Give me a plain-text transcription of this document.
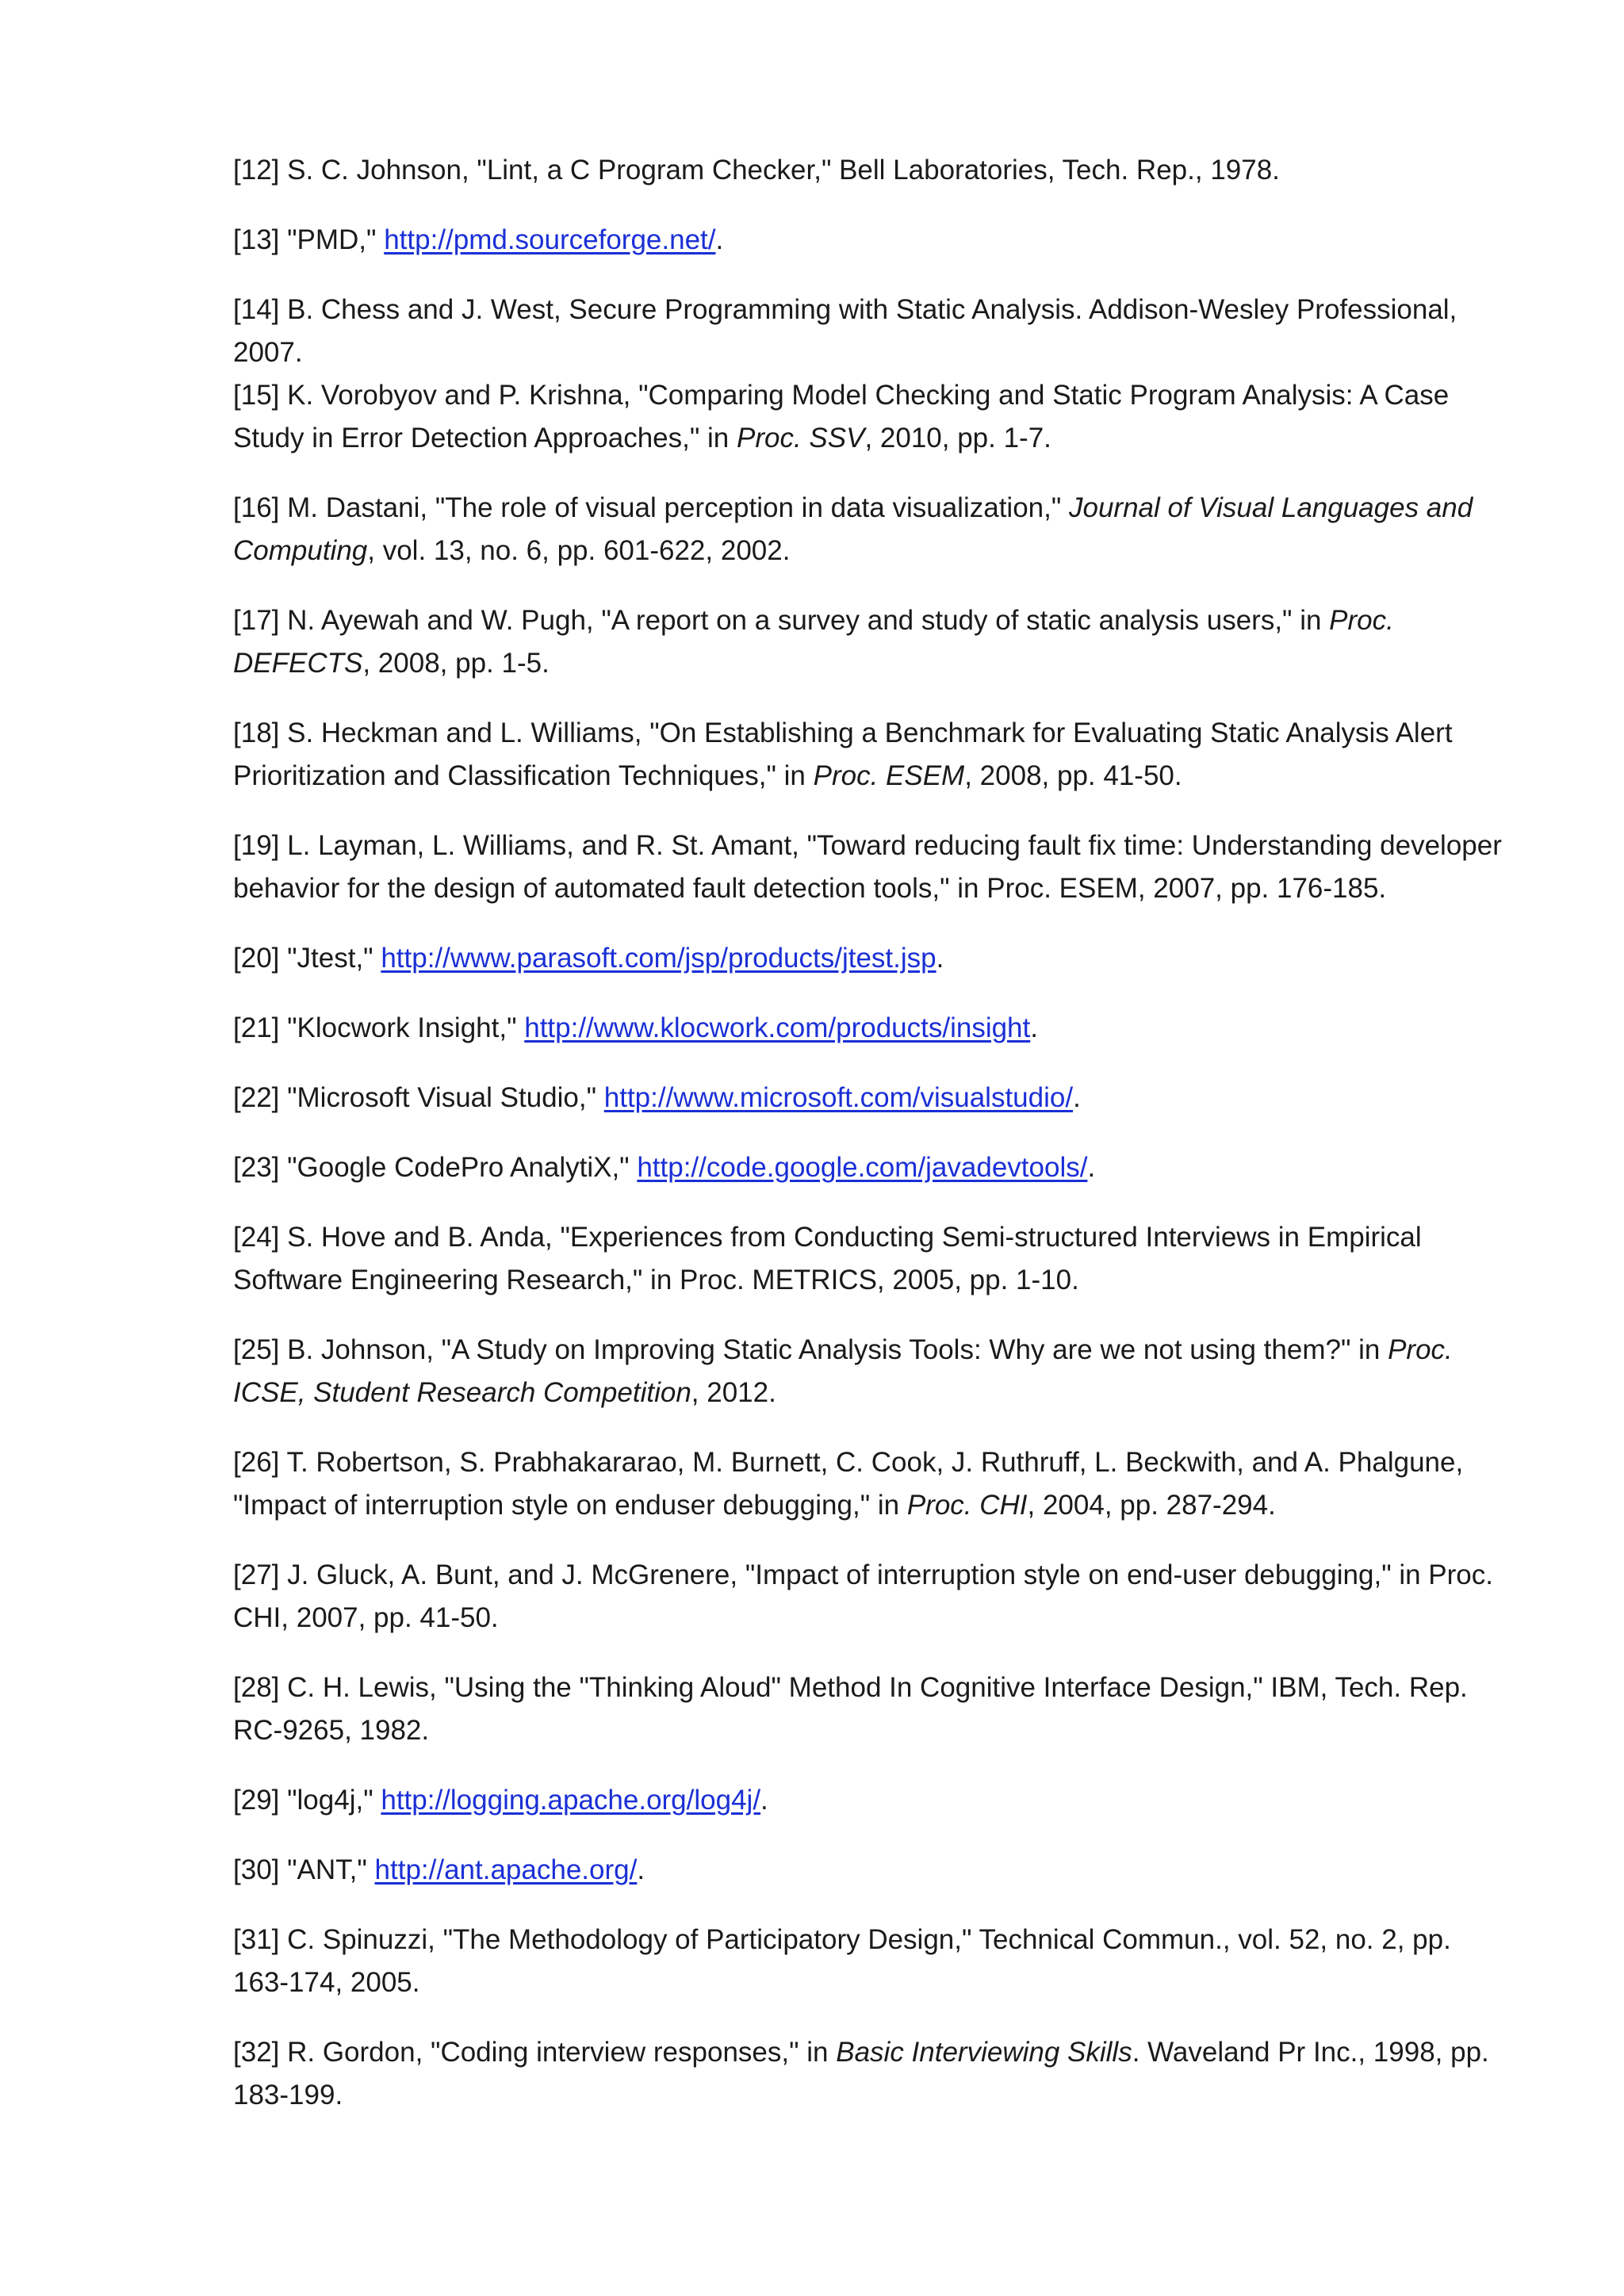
[12] S. C. Johnson, "Lint, a C Program Checker," Bell Laboratories, Tech. Rep., 1978.

[13] "PMD," http://pmd.sourceforge.net/.

[14] B. Chess and J. West, Secure Programming with Static Analysis. Addison-Wesley Professional, 2007.

[15] K. Vorobyov and P. Krishna, "Comparing Model Checking and Static Program Analysis: A Case Study in Error Detection Approaches," in Proc. SSV, 2010, pp. 1-7.

[16] M. Dastani, "The role of visual perception in data visualization," Journal of Visual Languages and Computing, vol. 13, no. 6, pp. 601-622, 2002.

[17] N. Ayewah and W. Pugh, "A report on a survey and study of static analysis users," in Proc. DEFECTS, 2008, pp. 1-5.

[18] S. Heckman and L. Williams, "On Establishing a Benchmark for Evaluating Static Analysis Alert Prioritization and Classification Techniques," in Proc. ESEM, 2008, pp. 41-50.

[19] L. Layman, L. Williams, and R. St. Amant, "Toward reducing fault fix time: Understanding developer behavior for the design of automated fault detection tools," in Proc. ESEM, 2007, pp. 176-185.

[20] "Jtest," http://www.parasoft.com/jsp/products/jtest.jsp.

[21] "Klocwork Insight," http://www.klocwork.com/products/insight.

[22] "Microsoft Visual Studio," http://www.microsoft.com/visualstudio/.

[23] "Google CodePro AnalytiX," http://code.google.com/javadevtools/.

[24] S. Hove and B. Anda, "Experiences from Conducting Semi-structured Interviews in Empirical Software Engineering Research," in Proc. METRICS, 2005, pp. 1-10.

[25] B. Johnson, "A Study on Improving Static Analysis Tools: Why are we not using them?" in Proc. ICSE, Student Research Competition, 2012.

[26] T. Robertson, S. Prabhakararao, M. Burnett, C. Cook, J. Ruthruff, L. Beckwith, and A. Phalgune, "Impact of interruption style on enduser debugging," in Proc. CHI, 2004, pp. 287-294.

[27] J. Gluck, A. Bunt, and J. McGrenere, "Impact of interruption style on end-user debugging," in Proc. CHI, 2007, pp. 41-50.

[28] C. H. Lewis, "Using the "Thinking Aloud" Method In Cognitive Interface Design," IBM, Tech. Rep. RC-9265, 1982.

[29] "log4j," http://logging.apache.org/log4j/.

[30] "ANT," http://ant.apache.org/.

[31] C. Spinuzzi, "The Methodology of Participatory Design," Technical Commun., vol. 52, no. 2, pp. 163-174, 2005.

[32] R. Gordon, "Coding interview responses," in Basic Interviewing Skills. Waveland Pr Inc., 1998, pp. 183-199.
